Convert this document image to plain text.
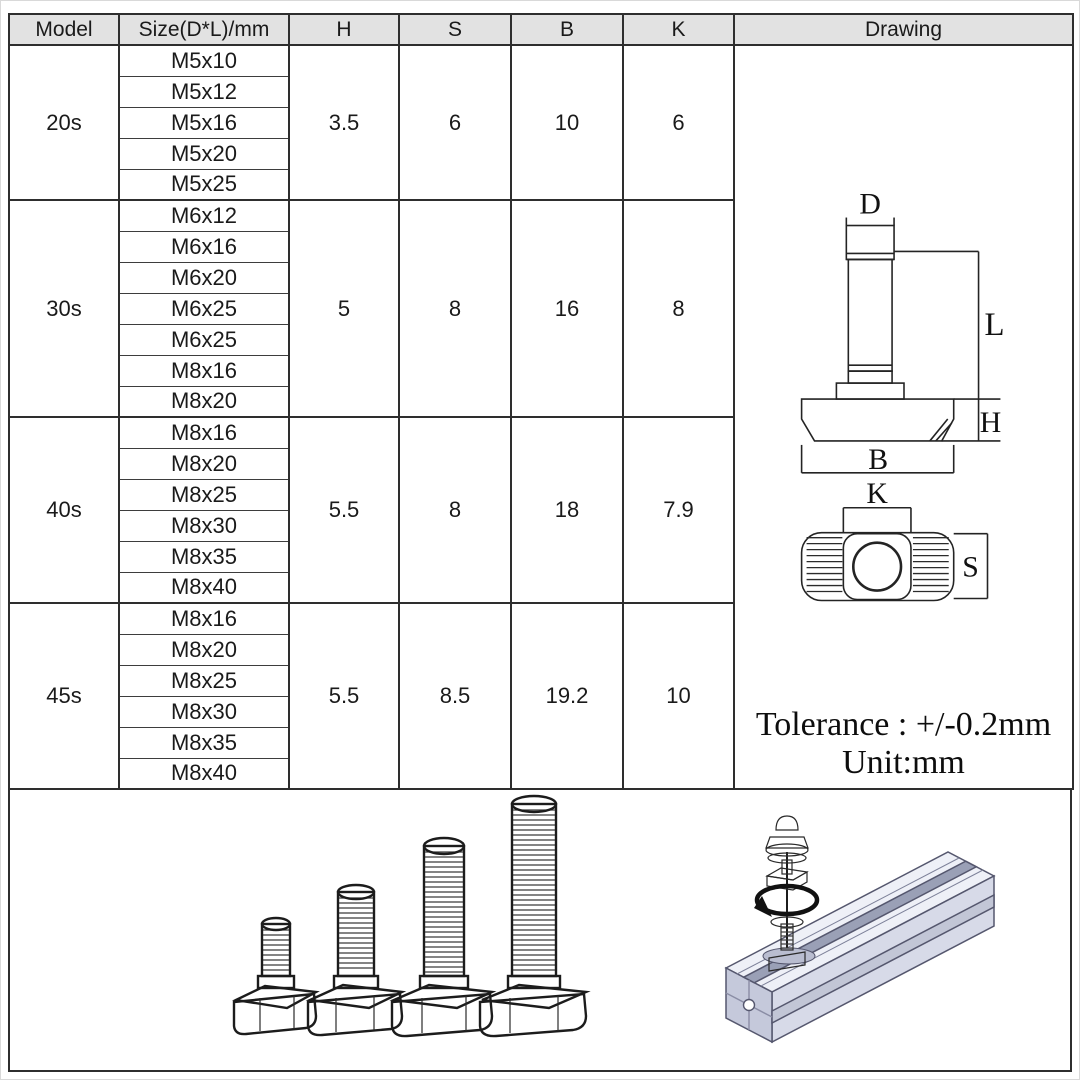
Model	Size(D*L)/mm	H	S	B	K	Drawing
20s	M5x10	3.5	6	10	6	
D
L
H
B
K
S
Tolerance : +/-0.2mm
Unit:mm

	M5x12					
	M5x16					
	M5x20					
	M5x25					
30s	M6x12	5	8	16	8	
	M6x16					
	M6x20					
	M6x25					
	M6x25					
	M8x16					
	M8x20					
40s	M8x16	5.5	8	18	7.9	
	M8x20					
	M8x25					
	M8x30					
	M8x35					
	M8x40					
45s	M8x16	5.5	8.5	19.2	10	
	M8x20					
	M8x25					
	M8x30					
	M8x35					
	M8x40					
